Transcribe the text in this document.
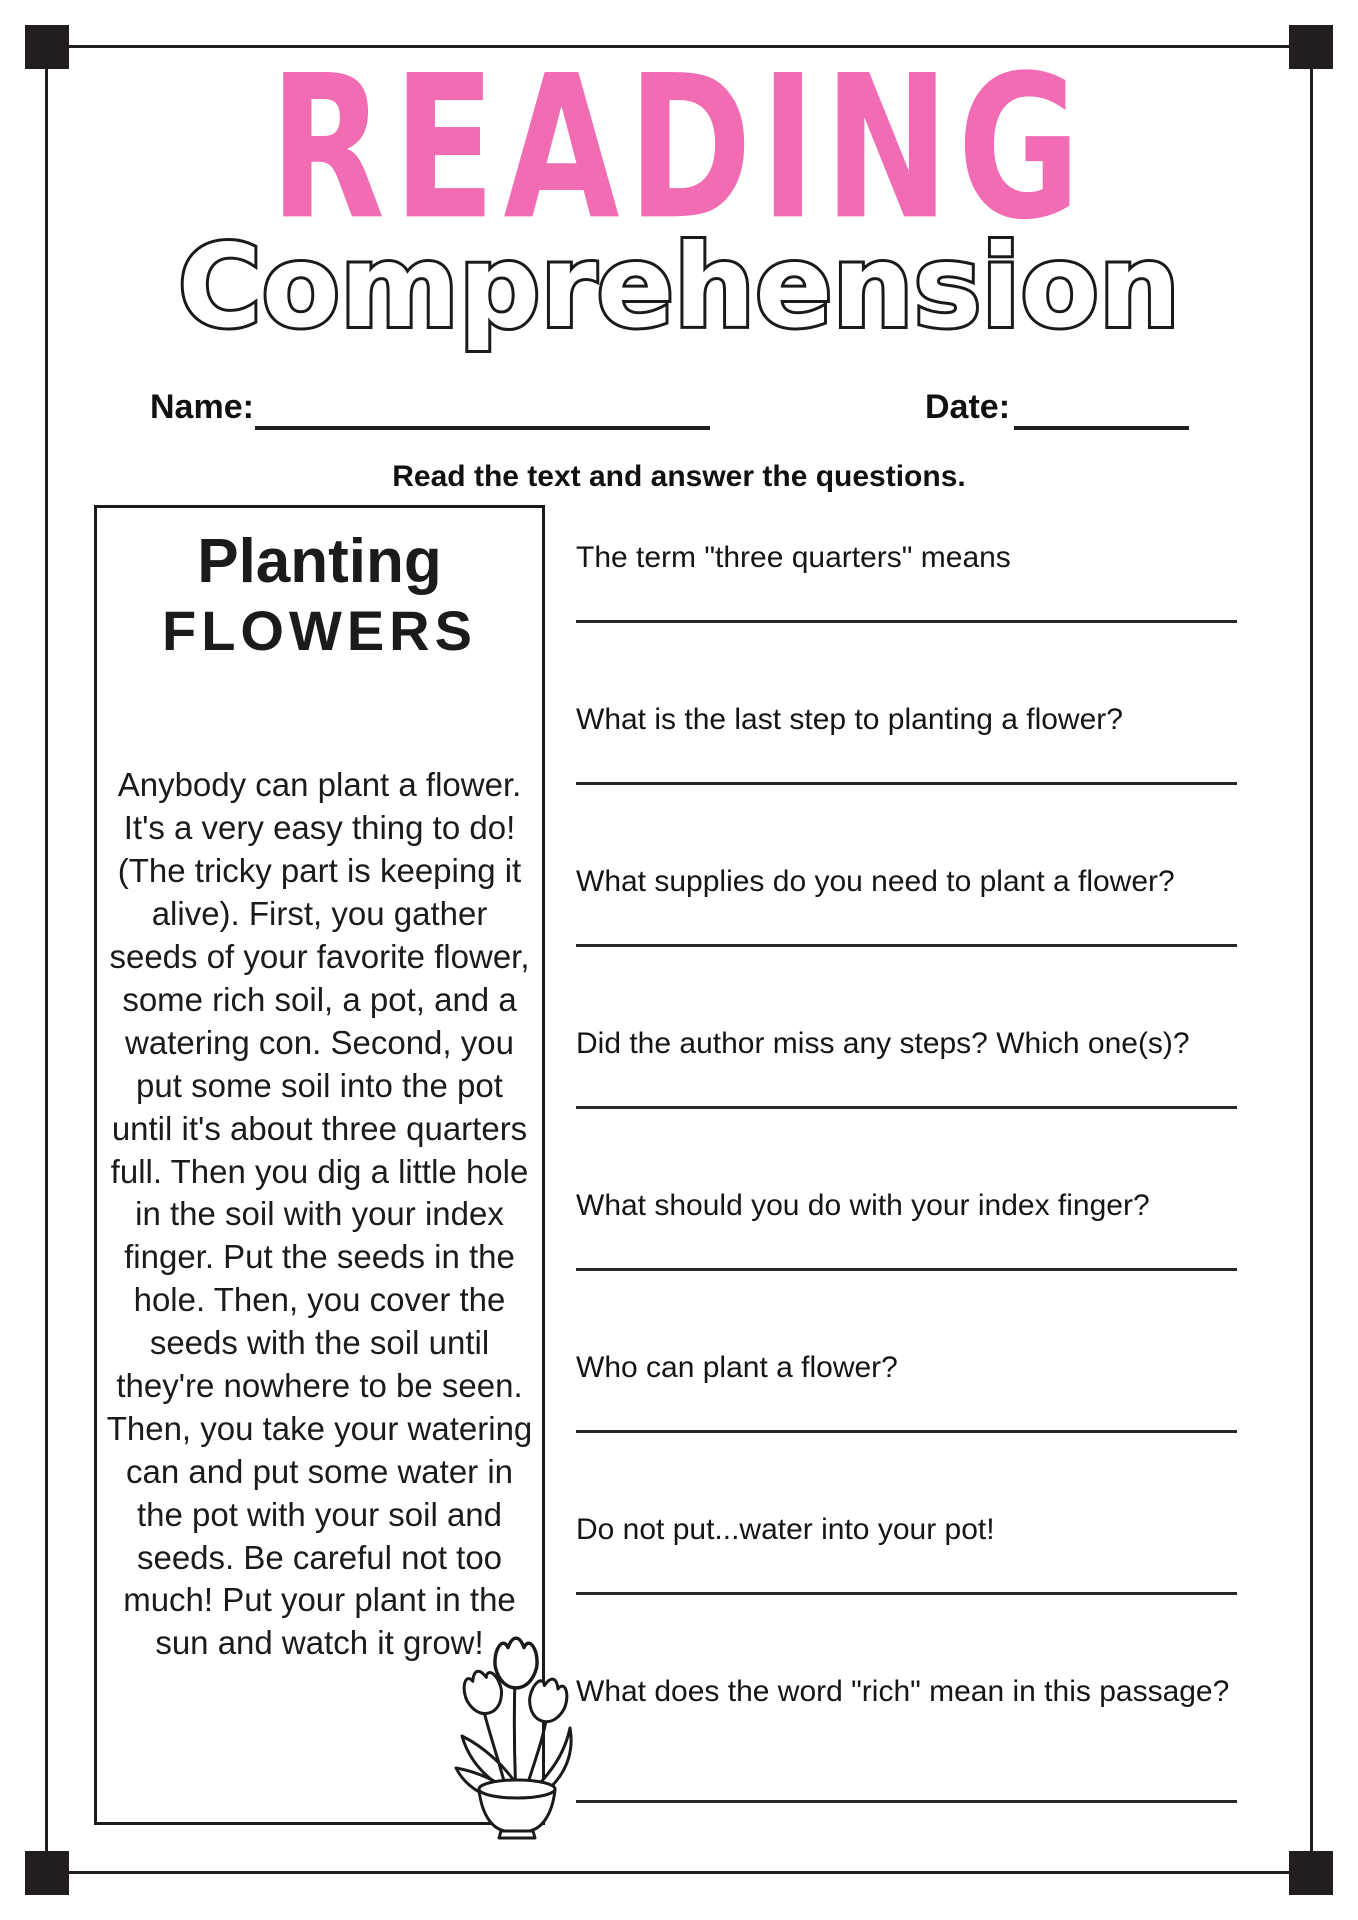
READING
Comprehension
Name:	Date:
Read the text and answer the questions.
Planting
FLOWERS
Anybody can plant a flower. It's a very easy thing to do! (The tricky part is keeping it alive). First, you gather seeds of your favorite flower, some rich soil, a pot, and a watering con. Second, you put some soil into the pot until it's about three quarters full. Then you dig a little hole in the soil with your index finger. Put the seeds in the hole. Then, you cover the seeds with the soil until they're nowhere to be seen. Then, you take your watering can and put some water in the pot with your soil and seeds. Be careful not too much! Put your plant in the sun and watch it grow!
The term "three quarters" means
What is the last step to planting a flower?
What supplies do you need to plant a flower?
Did the author miss any steps? Which one(s)?
What should you do with your index finger?
Who can plant a flower?
Do not put...water into your pot!
What does the word "rich" mean in this passage?
